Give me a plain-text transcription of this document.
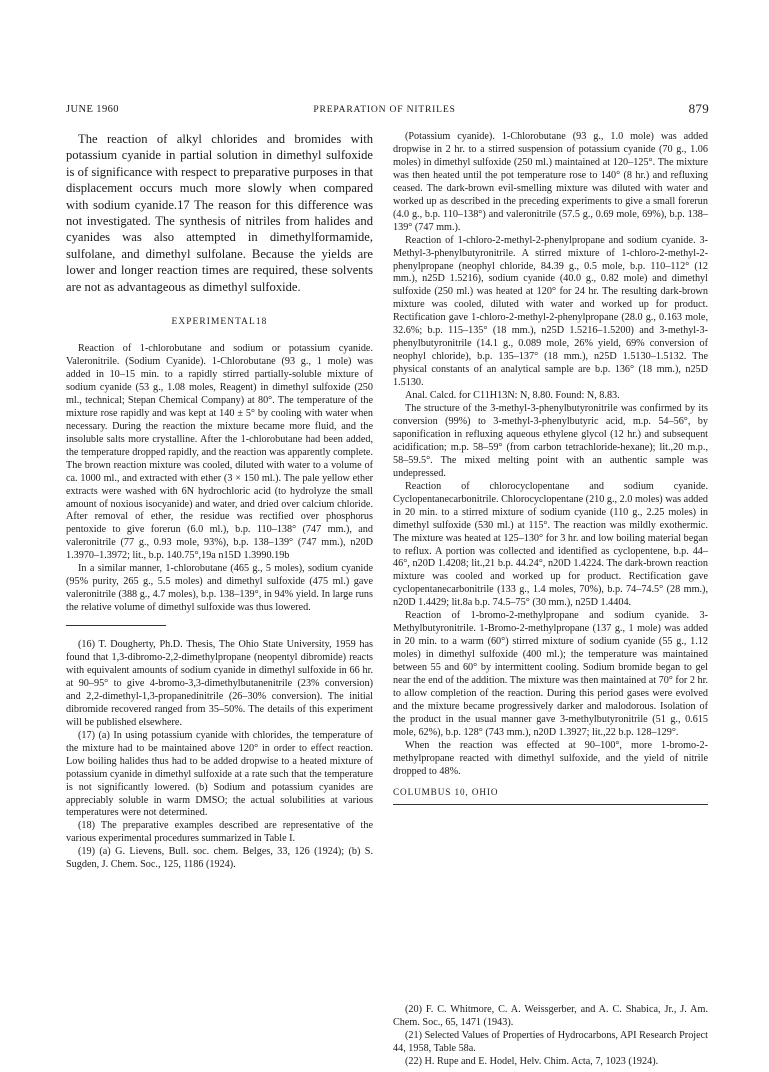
JUNE 1960	PREPARATION OF NITRILES	879

The reaction of alkyl chlorides and bromides with potassium cyanide in partial solution in dimethyl sulfoxide is of significance with respect to preparative purposes in that displacement occurs much more slowly when compared with sodium cyanide.17 The reason for this difference was not investigated. The synthesis of nitriles from halides and cyanides was also attempted in dimethylformamide, sulfolane, and dimethyl sulfolane. Because the yields are lower and longer reaction times are required, these solvents are not as advantageous as dimethyl sulfoxide.

EXPERIMENTAL18

Reaction of 1-chlorobutane and sodium or potassium cyanide. Valeronitrile. (Sodium Cyanide). 1-Chlorobutane (93 g., 1 mole) was added in 10–15 min. to a rapidly stirred partially-soluble mixture of sodium cyanide (53 g., 1.08 moles, Reagent) in dimethyl sulfoxide (250 ml., technical; Stepan Chemical Company) at 80°. The temperature of the mixture rose rapidly and was kept at 140 ± 5° by cooling with water when necessary. During the reaction the mixture became more fluid, and the insoluble salts more crystalline. After the 1-chlorobutane had been added, the temperature dropped rapidly, and the reaction was apparently complete. The brown reaction mixture was cooled, diluted with water to a volume of ca. 1000 ml., and extracted with ether (3 × 150 ml.). The pale yellow ether extracts were washed with 6N hydrochloric acid (to hydrolyze the small amount of noxious isocyanide) and water, and dried over calcium chloride. After removal of ether, the residue was rectified over phosphorus pentoxide to give forerun (6.0 ml.), b.p. 110–138° (747 mm.), and valeronitrile (77 g., 0.93 mole, 93%), b.p. 138–139° (747 mm.), n20D 1.3970–1.3972; lit., b.p. 140.75°,19a n15D 1.3990.19b

In a similar manner, 1-chlorobutane (465 g., 5 moles), sodium cyanide (95% purity, 265 g., 5.5 moles) and dimethyl sulfoxide (475 ml.) gave valeronitrile (388 g., 4.7 moles), b.p. 138–139°, in 94% yield. In large runs the relative volume of dimethyl sulfoxide was thus lowered.

(16) T. Dougherty, Ph.D. Thesis, The Ohio State University, 1959 has found that 1,3-dibromo-2,2-dimethylpropane (neopentyl dibromide) reacts with equivalent amounts of sodium cyanide in dimethyl sulfoxide in 66 hr. at 90–95° to give 4-bromo-3,3-dimethylbutanenitrile (23% conversion) and 2,2-dimethyl-1,3-propanedinitrile (26–30% conversion). The initial dibromide recovered ranged from 35–50%. The details of this experiment will be published elsewhere.

(17) (a) In using potassium cyanide with chlorides, the temperature of the mixture had to be maintained above 120° in order to effect reaction. Low boiling halides thus had to be added dropwise to a heated mixture of potassium cyanide in dimethyl sulfoxide at a rate such that the temperature is not significantly lowered. (b) Sodium and potassium cyanides are appreciably soluble in warm DMSO; the actual solubilities at various temperatures were not determined.

(18) The preparative examples described are representative of the various experimental procedures summarized in Table I.

(19) (a) G. Lievens, Bull. soc. chem. Belges, 33, 126 (1924); (b) S. Sugden, J. Chem. Soc., 125, 1186 (1924).

(Potassium cyanide). 1-Chlorobutane (93 g., 1.0 mole) was added dropwise in 2 hr. to a stirred suspension of potassium cyanide (70 g., 1.06 moles) in dimethyl sulfoxide (250 ml.) maintained at 120–125°. The mixture was then heated until the pot temperature rose to 140° (8 hr.) and refluxing ceased. The dark-brown evil-smelling mixture was diluted with water and worked up as described in the preceding experiments to give a small forerun (4.0 g., b.p. 110–138°) and valeronitrile (57.5 g., 0.69 mole, 69%), b.p. 138–139° (747 mm.).

Reaction of 1-chloro-2-methyl-2-phenylpropane and sodium cyanide. 3-Methyl-3-phenylbutyronitrile. A stirred mixture of 1-chloro-2-methyl-2-phenylpropane (neophyl chloride, 84.39 g., 0.5 mole, b.p. 110–112° (12 mm.), n25D 1.5216), sodium cyanide (40.0 g., 0.82 mole) and dimethyl sulfoxide (250 ml.) was heated at 120° for 24 hr. The resulting dark-brown mixture was cooled, diluted with water and worked up for product. Rectification gave 1-chloro-2-methyl-2-phenylpropane (28.0 g., 0.163 mole, 32.6%; b.p. 115–135° (18 mm.), n25D 1.5216–1.5200) and 3-methyl-3-phenylbutyronitrile (14.1 g., 0.089 mole, 26% yield, 69% conversion of neophyl chloride), b.p. 135–137° (18 mm.), n25D 1.5130–1.5132. The physical constants of an analytical sample are b.p. 136° (18 mm.), n25D 1.5130.

Anal. Calcd. for C11H13N: N, 8.80. Found: N, 8.83.

The structure of the 3-methyl-3-phenylbutyronitrile was confirmed by its conversion (99%) to 3-methyl-3-phenylbutyric acid, m.p. 54–56°, by saponification in refluxing aqueous ethylene glycol (12 hr.) and subsequent acidification; m.p. 58–59° (from carbon tetrachloride-hexane); lit.,20 m.p., 58–59.5°. The mixed melting point with an authentic sample was undepressed.

Reaction of chlorocyclopentane and sodium cyanide. Cyclopentanecarbonitrile. Chlorocyclopentane (210 g., 2.0 moles) was added in 20 min. to a stirred mixture of sodium cyanide (110 g., 2.25 moles) in dimethyl sulfoxide (530 ml.) at 115°. The reaction was mildly exothermic. The mixture was heated at 125–130° for 3 hr. and low boiling material began to reflux. A portion was collected and identified as cyclopentene, b.p. 44–46°, n20D 1.4208; lit.,21 b.p. 44.24°, n20D 1.4224. The dark-brown reaction mixture was cooled and worked up for product. Rectification gave cyclopentanecarbonitrile (133 g., 1.4 moles, 70%), b.p. 74–74.5° (28 mm.), n20D 1.4429; lit.8a b.p. 74.5–75° (30 mm.), n25D 1.4404.

Reaction of 1-bromo-2-methylpropane and sodium cyanide. 3-Methylbutyronitrile. 1-Bromo-2-methylpropane (137 g., 1 mole) was added in 20 min. to a warm (60°) stirred mixture of sodium cyanide (55 g., 1.12 moles) in dimethyl sulfoxide (400 ml.); the temperature was maintained between 55 and 60° by intermittent cooling. Sodium bromide began to gel near the end of the addition. The mixture was then maintained at 70° for 2 hr. to allow completion of the reaction. During this period gases were evolved and the mixture became progressively darker and malodorous. Isolation of the product in the usual manner gave 3-methylbutyronitrile (51 g., 0.615 mole, 62%), b.p. 128° (743 mm.), n20D 1.3927; lit.,22 b.p. 128–129°.

When the reaction was effected at 90–100°, more 1-bromo-2-methylpropane reacted with dimethyl sulfoxide, and the yield of nitrile dropped to 48%.

COLUMBUS 10, OHIO

(20) F. C. Whitmore, C. A. Weissgerber, and A. C. Shabica, Jr., J. Am. Chem. Soc., 65, 1471 (1943).

(21) Selected Values of Properties of Hydrocarbons, API Research Project 44, 1958, Table 58a.

(22) H. Rupe and E. Hodel, Helv. Chim. Acta, 7, 1023 (1924).
